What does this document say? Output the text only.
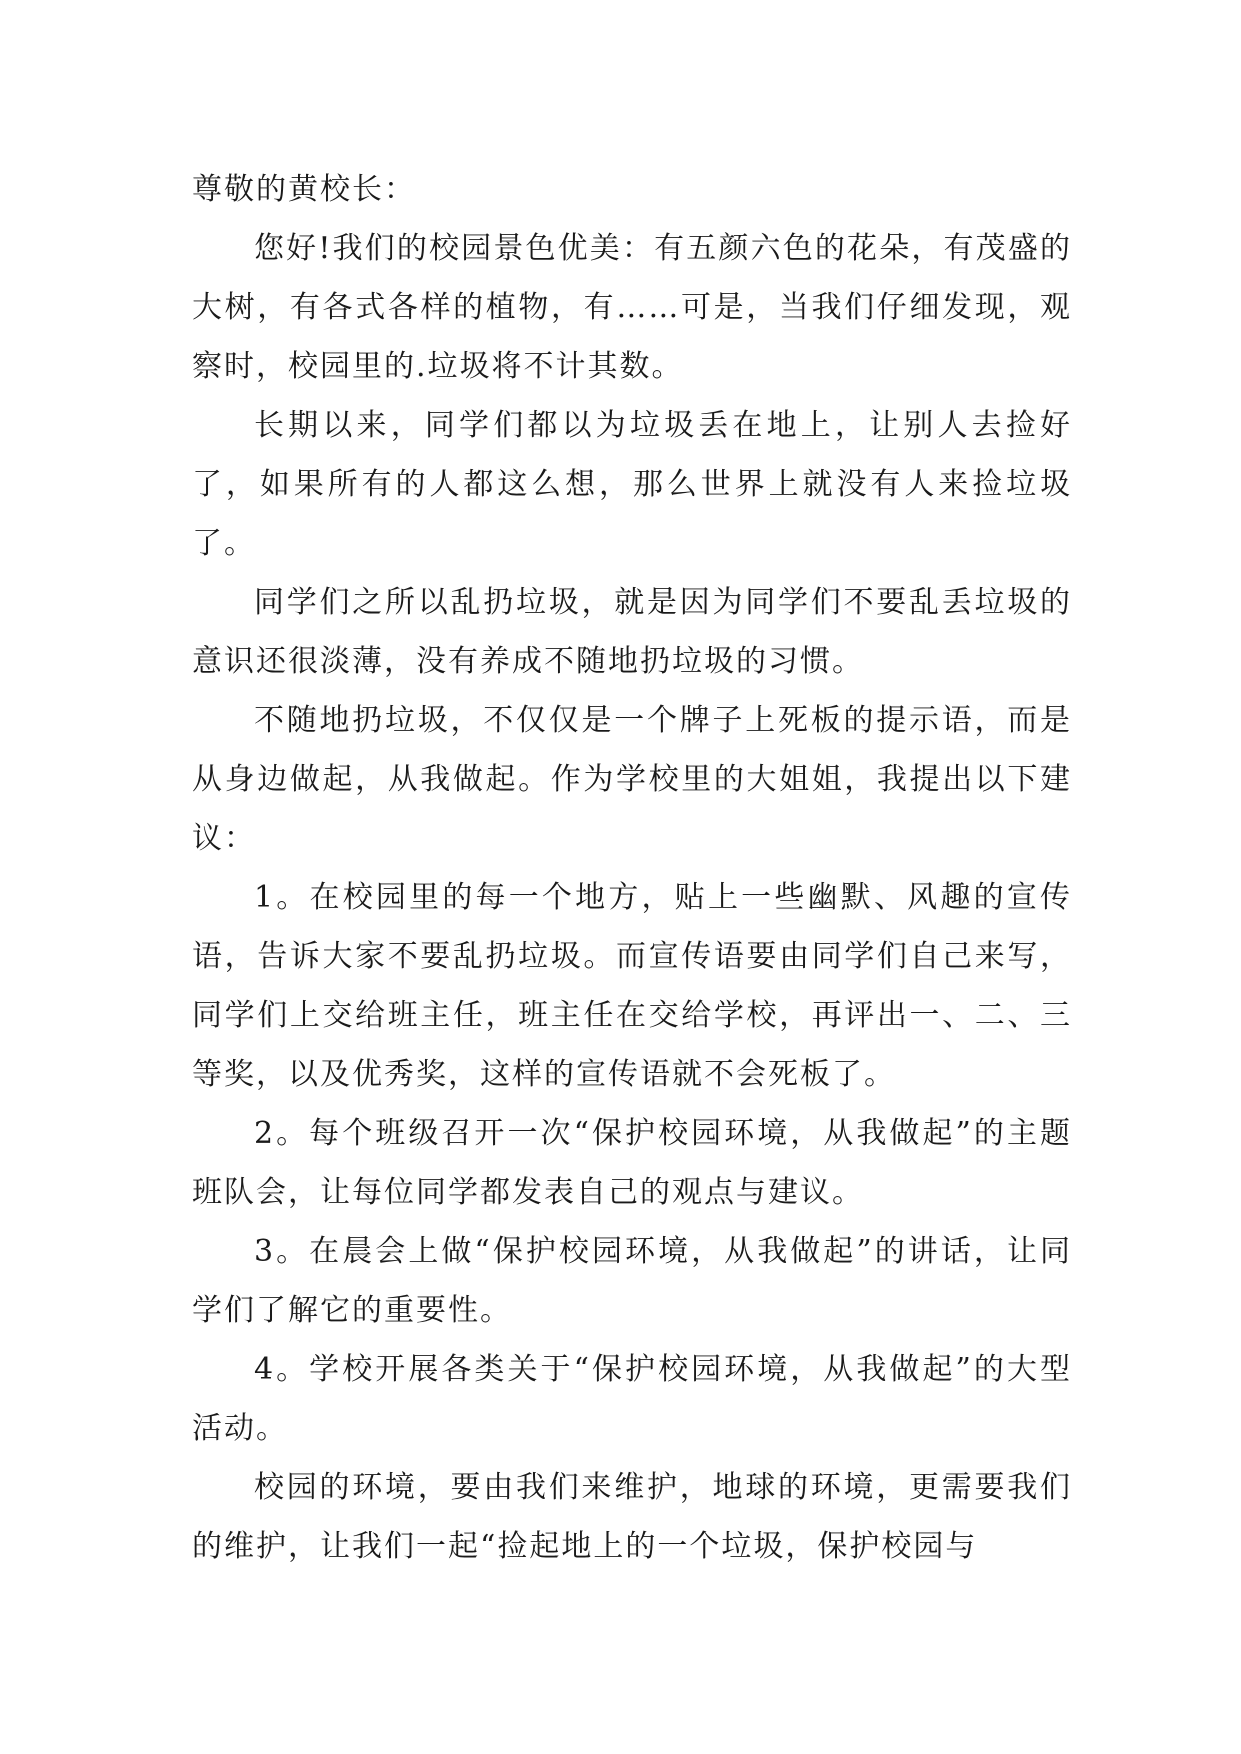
尊敬的黄校长：

您好!我们的校园景色优美：有五颜六色的花朵，有茂盛的大树，有各式各样的植物，有……可是，当我们仔细发现，观察时，校园里的.垃圾将不计其数。

长期以来，同学们都以为垃圾丢在地上，让别人去捡好了，如果所有的人都这么想，那么世界上就没有人来捡垃圾了。

同学们之所以乱扔垃圾，就是因为同学们不要乱丢垃圾的意识还很淡薄，没有养成不随地扔垃圾的习惯。

不随地扔垃圾，不仅仅是一个牌子上死板的提示语，而是从身边做起，从我做起。作为学校里的大姐姐，我提出以下建议：

1。在校园里的每一个地方，贴上一些幽默、风趣的宣传语，告诉大家不要乱扔垃圾。而宣传语要由同学们自己来写，同学们上交给班主任，班主任在交给学校，再评出一、二、三等奖，以及优秀奖，这样的宣传语就不会死板了。

2。每个班级召开一次“保护校园环境，从我做起”的主题班队会，让每位同学都发表自己的观点与建议。

3。在晨会上做“保护校园环境，从我做起”的讲话，让同学们了解它的重要性。

4。学校开展各类关于“保护校园环境，从我做起”的大型活动。

校园的环境，要由我们来维护，地球的环境，更需要我们的维护，让我们一起“捡起地上的一个垃圾，保护校园与
